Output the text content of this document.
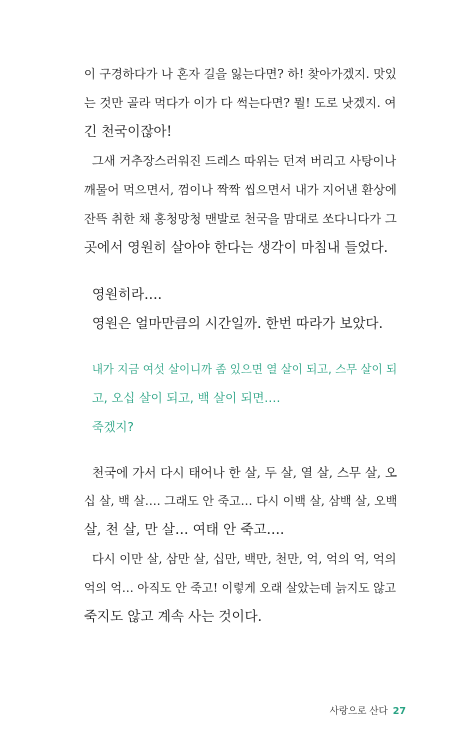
이 구경하다가 나 혼자 길을 잃는다면? 하! 찾아가겠지. 맛있
는 것만 골라 먹다가 이가 다 썩는다면? 뭘! 도로 낫겠지. 여
긴 천국이잖아!
그새 거추장스러워진 드레스 따위는 던져 버리고 사탕이나
깨물어 먹으면서, 껌이나 짝짝 씹으면서 내가 지어낸 환상에
잔뜩 취한 채 홍청망청 맨발로 천국을 맘대로 쏘다니다가 그
곳에서 영원히 살아야 한다는 생각이 마침내 들었다.
영원히라….
영원은 얼마만큼의 시간일까. 한번 따라가 보았다.
내가 지금 여섯 살이니까 좀 있으면 열 살이 되고, 스무 살이 되
고, 오십 살이 되고, 백 살이 되면….
죽겠지?
천국에 가서 다시 태어나 한 살, 두 살, 열 살, 스무 살, 오
십 살, 백 살…. 그래도 안 죽고… 다시 이백 살, 삼백 살, 오백
살, 천 살, 만 살… 여태 안 죽고….
다시 이만 살, 삼만 살, 십만, 백만, 천만, 억, 억의 억, 억의
억의 억… 아직도 안 죽고! 이렇게 오래 살았는데 늙지도 않고
죽지도 않고 계속 사는 것이다.
사랑으로 산다 27
